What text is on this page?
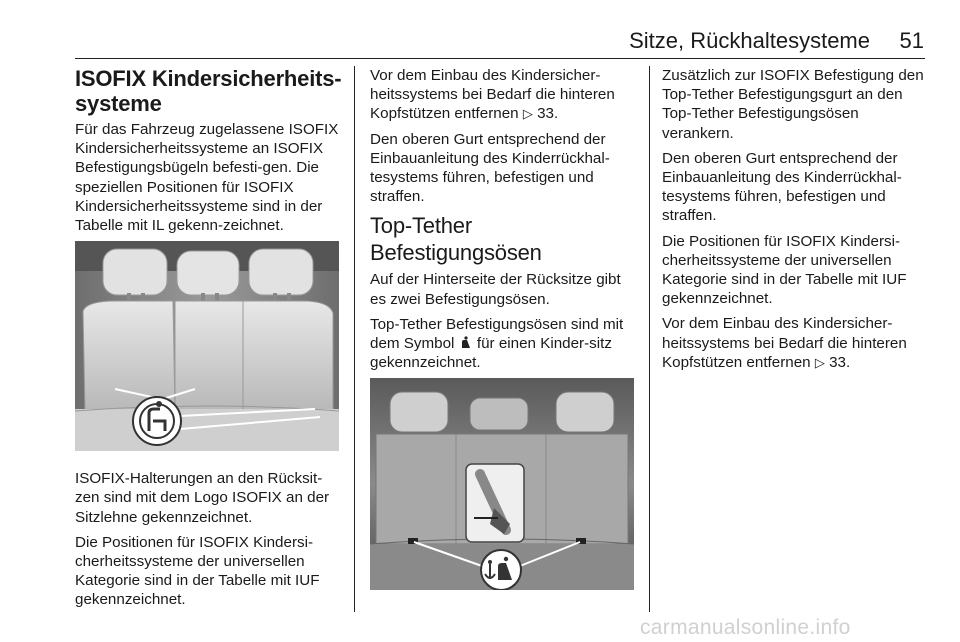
Sitze, Rückhaltesysteme	51
ISOFIX Kindersicherheits-
systeme

Für das Fahrzeug zugelassene ISOFIX Kindersicherheitssysteme an ISOFIX Befestigungsbügeln befesti-gen. Die speziellen Positionen für ISOFIX Kindersicherheitssysteme sind in der Tabelle mit IL gekenn-zeichnet.

ISOFIX-Halterungen an den Rücksit-zen sind mit dem Logo ISOFIX an der Sitzlehne gekennzeichnet.

Die Positionen für ISOFIX Kindersi-cherheitssysteme der universellen Kategorie sind in der Tabelle mit IUF gekennzeichnet.

Vor dem Einbau des Kindersicher-heitssystems bei Bedarf die hinteren Kopfstützen entfernen ▷ 33.

Den oberen Gurt entsprechend der Einbauanleitung des Kinderrückhal-tesystems führen, befestigen und straffen.

Top-Tether
Befestigungsösen

Auf der Hinterseite der Rücksitze gibt es zwei Befestigungsösen.

Top-Tether Befestigungsösen sind mit dem Symbol für einen Kinder-sitz gekennzeichnet.

Zusätzlich zur ISOFIX Befestigung den Top-Tether Befestigungsgurt an den Top-Tether Befestigungsösen verankern.

Den oberen Gurt entsprechend der Einbauanleitung des Kinderrückhal-tesystems führen, befestigen und straffen.

Die Positionen für ISOFIX Kindersi-cherheitssysteme der universellen Kategorie sind in der Tabelle mit IUF gekennzeichnet.

Vor dem Einbau des Kindersicher-heitssystems bei Bedarf die hinteren Kopfstützen entfernen ▷ 33.

carmanualsonline.info
